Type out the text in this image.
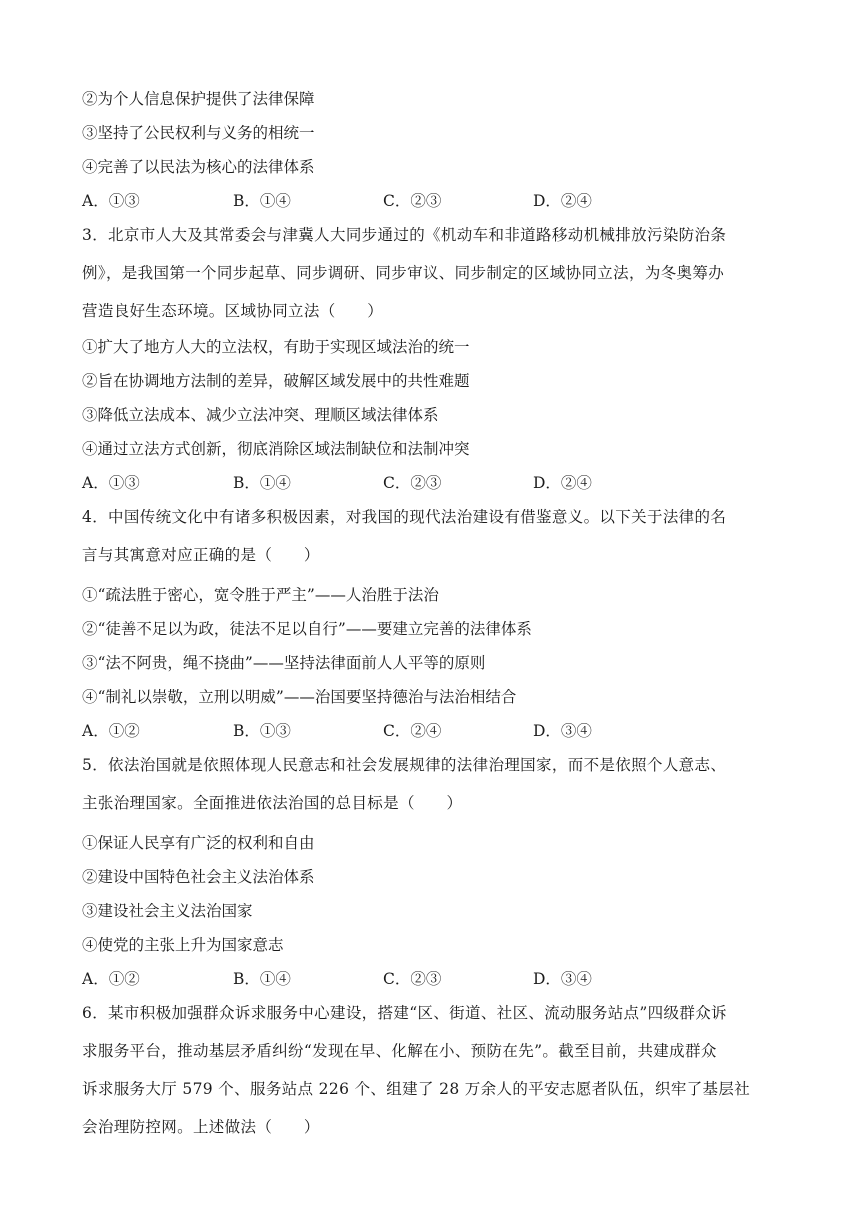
②为个人信息保护提供了法律保障
③坚持了公民权利与义务的相统一
④完善了以民法为核心的法律体系
A．①③	B．①④	C．②③	D．②④
3．北京市人大及其常委会与津冀人大同步通过的《机动车和非道路移动机械排放污染防治条
例》，是我国第一个同步起草、同步调研、同步审议、同步制定的区域协同立法，为冬奥筹办
营造良好生态环境。区域协同立法（　　）
①扩大了地方人大的立法权，有助于实现区域法治的统一
②旨在协调地方法制的差异，破解区域发展中的共性难题
③降低立法成本、减少立法冲突、理顺区域法律体系
④通过立法方式创新，彻底消除区域法制缺位和法制冲突
A．①③	B．①④	C．②③	D．②④
4．中国传统文化中有诸多积极因素，对我国的现代法治建设有借鉴意义。以下关于法律的名
言与其寓意对应正确的是（　　）
①“疏法胜于密心，宽令胜于严主”——人治胜于法治
②“徒善不足以为政，徒法不足以自行”——要建立完善的法律体系
③“法不阿贵，绳不挠曲”——坚持法律面前人人平等的原则
④“制礼以崇敬，立刑以明威”——治国要坚持德治与法治相结合
A．①②	B．①③	C．②④	D．③④
5．依法治国就是依照体现人民意志和社会发展规律的法律治理国家，而不是依照个人意志、
主张治理国家。全面推进依法治国的总目标是（　　）
①保证人民享有广泛的权利和自由
②建设中国特色社会主义法治体系
③建设社会主义法治国家
④使党的主张上升为国家意志
A．①②	B．①④	C．②③	D．③④
6．某市积极加强群众诉求服务中心建设，搭建“区、街道、社区、流动服务站点”四级群众诉
求服务平台，推动基层矛盾纠纷“发现在早、化解在小、预防在先”。截至目前，共建成群众
诉求服务大厅 579 个、服务站点 226 个、组建了 28 万余人的平安志愿者队伍，织牢了基层社
会治理防控网。上述做法（　　）
